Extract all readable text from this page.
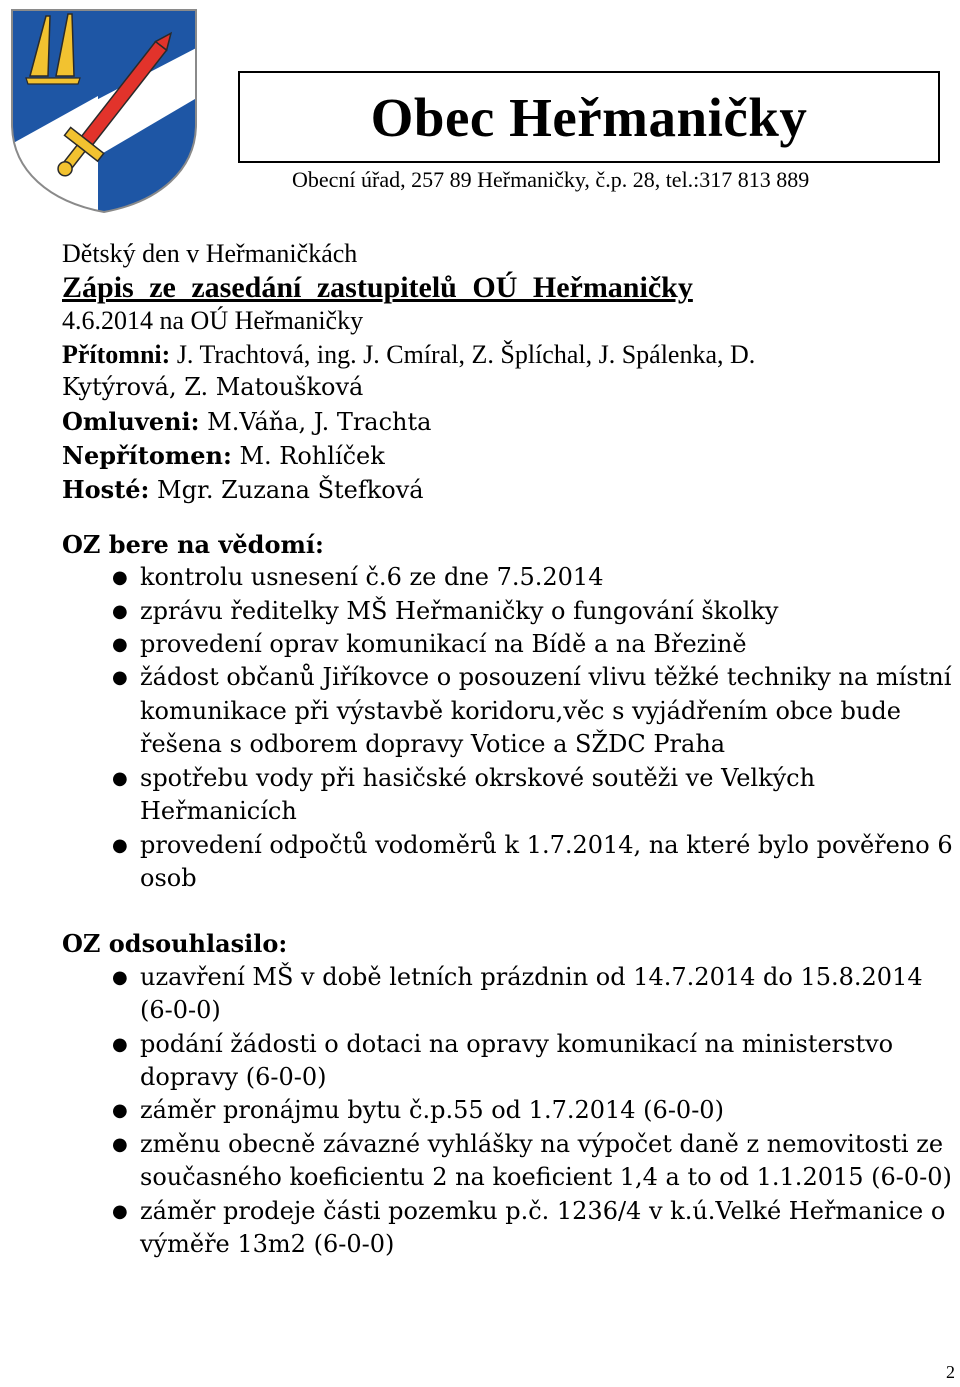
Obec Heřmaničky
Obecní úřad, 257 89 Heřmaničky, č.p. 28, tel.:317 813 889
Dětský den v Heřmaničkách
Zápis ze zasedání zastupitelů OÚ Heřmaničky
4.6.2014 na OÚ Heřmaničky
Přítomni: J. Trachtová, ing. J. Cmíral, Z. Šplíchal, J. Spálenka, D.
Kytýrová, Z. Matoušková
Omluveni: M.Váňa, J. Trachta
Nepřítomen: M. Rohlíček
Hosté: Mgr. Zuzana Štefková
OZ bere na vědomí:
● kontrolu usnesení č.6 ze dne 7.5.2014
● zprávu ředitelky MŠ Heřmaničky o fungování školky
● provedení oprav komunikací na Bídě a na Březině
● žádost občanů Jiříkovce o posouzení vlivu těžké techniky na místní
komunikace při výstavbě koridoru,věc s vyjádřením obce bude
řešena s odborem dopravy Votice a SŽDC Praha
● spotřebu vody při hasičské okrskové soutěži ve Velkých
Heřmanicích
● provedení odpočtů vodoměrů k 1.7.2014, na které bylo pověřeno 6
osob
OZ odsouhlasilo:
● uzavření MŠ v době letních prázdnin od 14.7.2014 do 15.8.2014
(6-0-0)
● podání žádosti o dotaci na opravy komunikací na ministerstvo
dopravy (6-0-0)
● záměr pronájmu bytu č.p.55 od 1.7.2014 (6-0-0)
● změnu obecně závazné vyhlášky na výpočet daně z nemovitosti ze
současného koeficientu 2 na koeficient 1,4 a to od 1.1.2015 (6-0-0)
● záměr prodeje části pozemku p.č. 1236/4 v k.ú.Velké Heřmanice o
výměře 13m2 (6-0-0)
2
